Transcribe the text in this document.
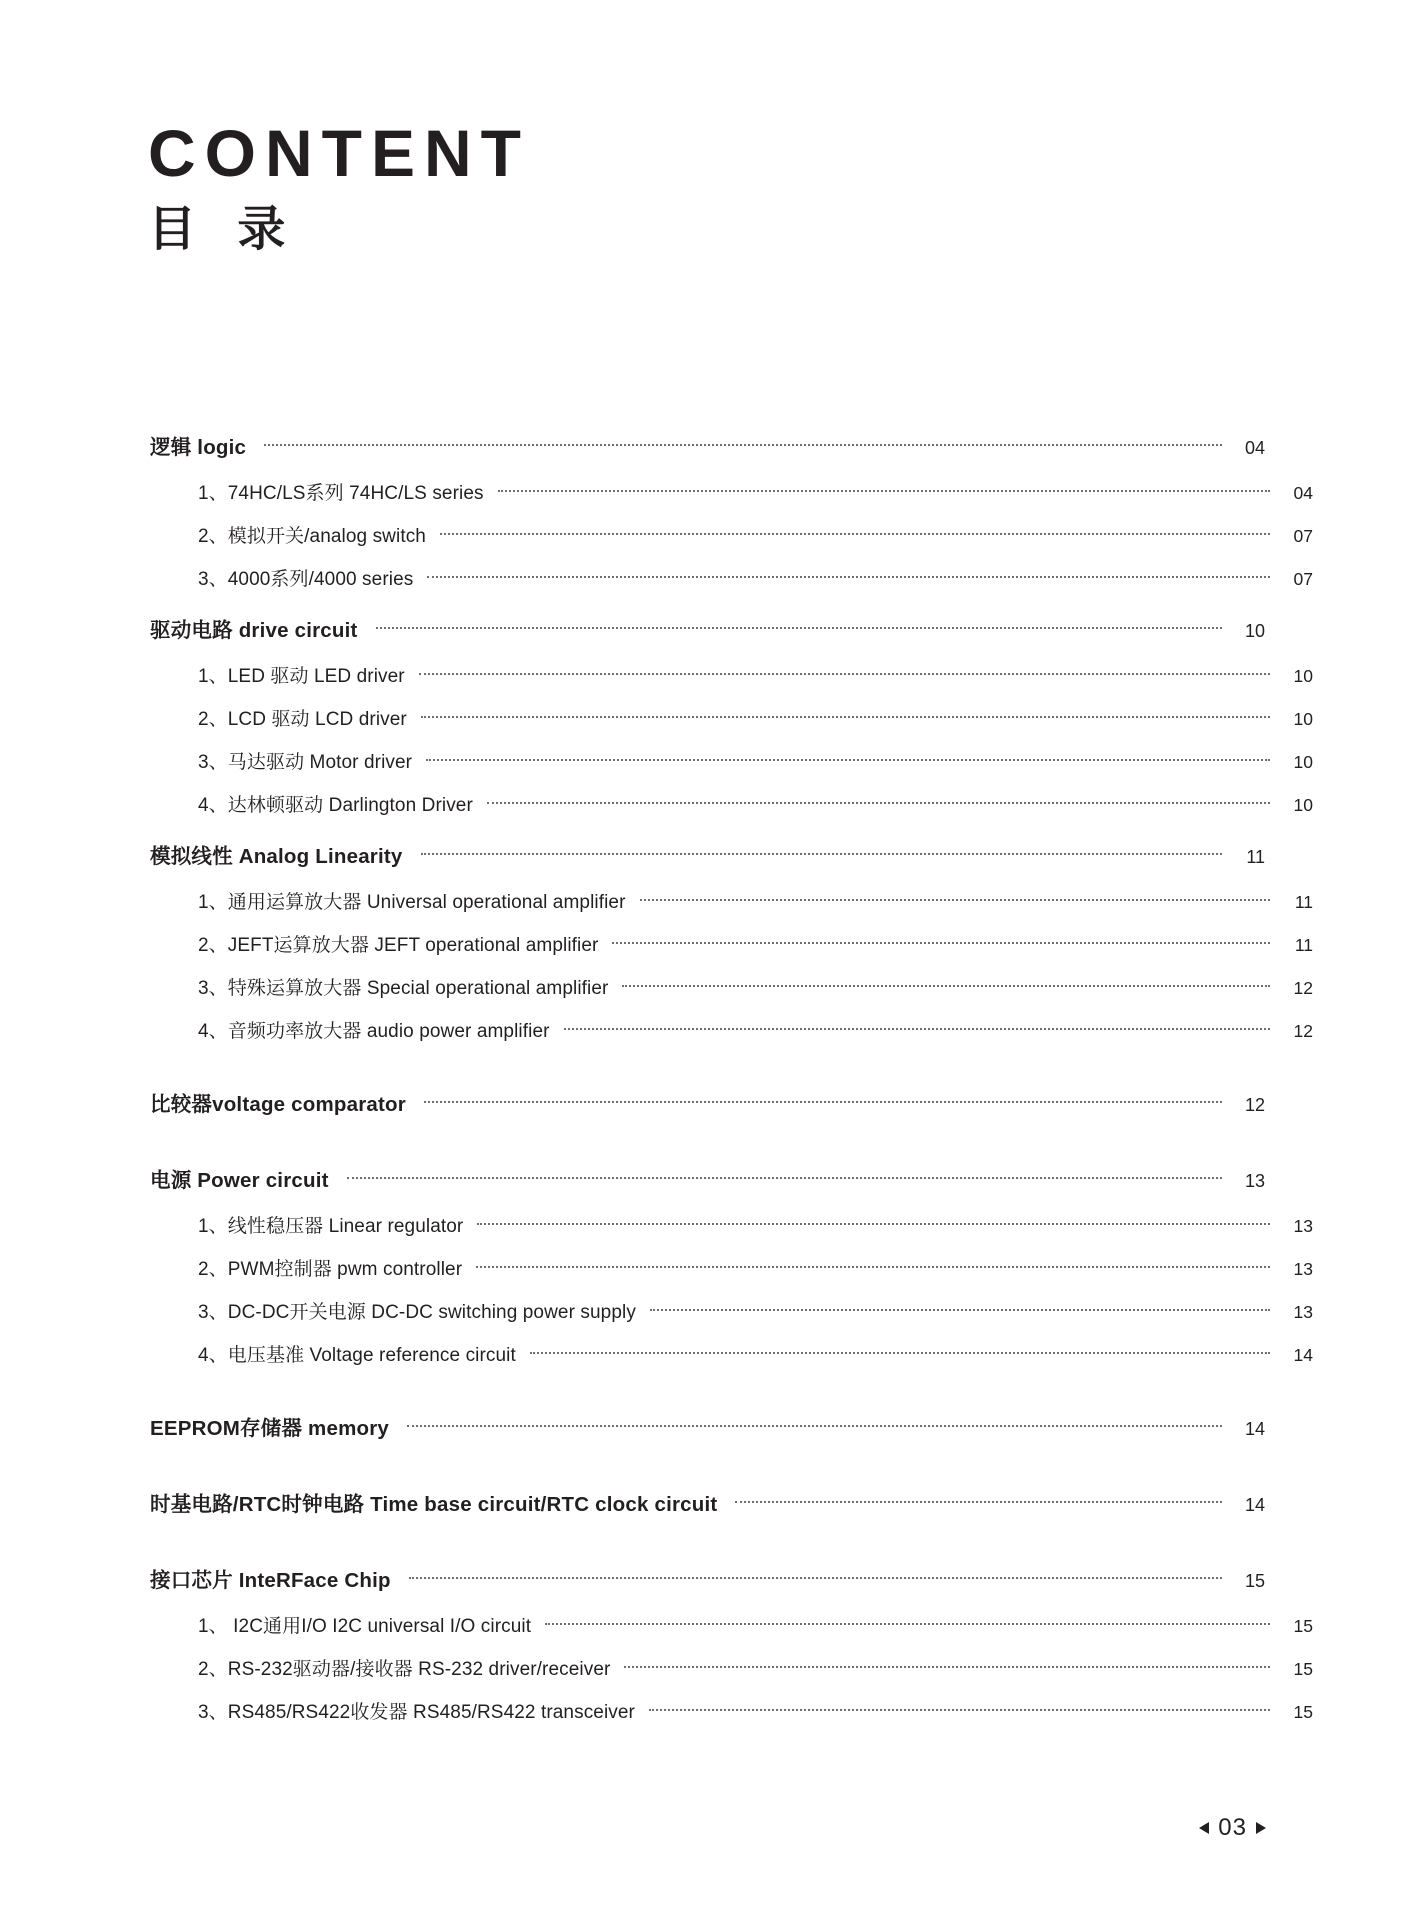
CONTENT
目 录
逻辑 logic	04
1、74HC/LS系列 74HC/LS series	04
2、模拟开关/analog switch	07
3、4000系列/4000 series	07
驱动电路 drive circuit	10
1、LED 驱动 LED driver	10
2、LCD 驱动 LCD driver	10
3、马达驱动 Motor driver	10
4、达林顿驱动 Darlington Driver	10
模拟线性 Analog Linearity	11
1、通用运算放大器 Universal operational amplifier	11
2、JEFT运算放大器 JEFT operational amplifier	11
3、特殊运算放大器 Special operational amplifier	12
4、音频功率放大器 audio power amplifier	12
比较器voltage comparator	12
电源 Power circuit	13
1、线性稳压器 Linear regulator	13
2、PWM控制器 pwm controller	13
3、DC-DC开关电源 DC-DC switching power supply	13
4、电压基准 Voltage reference circuit	14
EEPROM存储器 memory	14
时基电路/RTC时钟电路 Time base circuit/RTC clock circuit	14
接口芯片 InteRFace Chip	15
1、 I2C通用I/O I2C universal I/O circuit	15
2、RS-232驱动器/接收器 RS-232 driver/receiver	15
3、RS485/RS422收发器 RS485/RS422 transceiver	15
03
